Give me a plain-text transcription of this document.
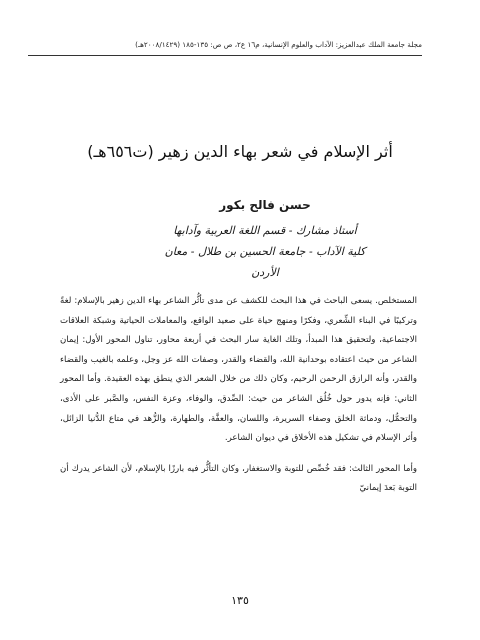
مجلة جامعة الملك عبدالعزيز: الآداب والعلوم الإنسانية، م١٦ ع٢، ص ص: ١٣٥-١٨٥ (٢٠٠٨/١٤٢٩هـ)
أثر الإسلام في شعر بهاء الدين زهير (ت٦٥٦هـ)
حسن فالح بكور
أستاذ مشارك - قسم اللغة العربية وآدابها
كلية الآداب - جامعة الحسين بن طلال - معان
الأردن

المستخلص. يسعى الباحث في هذا البحث للكشف عن مدى تأثُّر الشاعر بهاء الدين زهير بالإسلام: لغةً وتركيبًا في البناء الشِّعري، وفكرًا ومنهج حياة على صعيد الواقع، والمعاملات الحياتية وشبكة العلاقات الاجتماعية، ولتحقيق هذا المبدأ، وتلك الغاية سار البحث في أربعة محاور، تناول المحور الأول: إيمان الشاعر من حيث اعتقاده بوحدانية الله، والقضاء والقدر، وصفات الله عز وجل، وعلمه بالغيب والقضاء والقدر، وأنه الرازق الرحمن الرحيم، وكان ذلك من خلال الشعر الذي ينطق بهذه العقيدة. وأما المحور الثاني: فإنه يدور حول خُلُق الشاعر من حيث: الصِّدق، والوفاء، وعزة النفس، والصَّبر على الأذى، والتحمُّل، ودماثة الخلق وصفاء السريرة، واللسان، والعفَّة، والطهارة، والزُّهد في متاع الدُّنيا الزائل، وأثر الإسلام في تشكيل هذه الأخلاق في ديوان الشاعر.

وأما المحور الثالث: فقد خُصِّص للتوبة والاستغفار، وكان التأثُّر فيه بارزًا بالإسلام، لأن الشاعر يدرك أن التوبة بَعدَ إيمانيّ

١٣٥
